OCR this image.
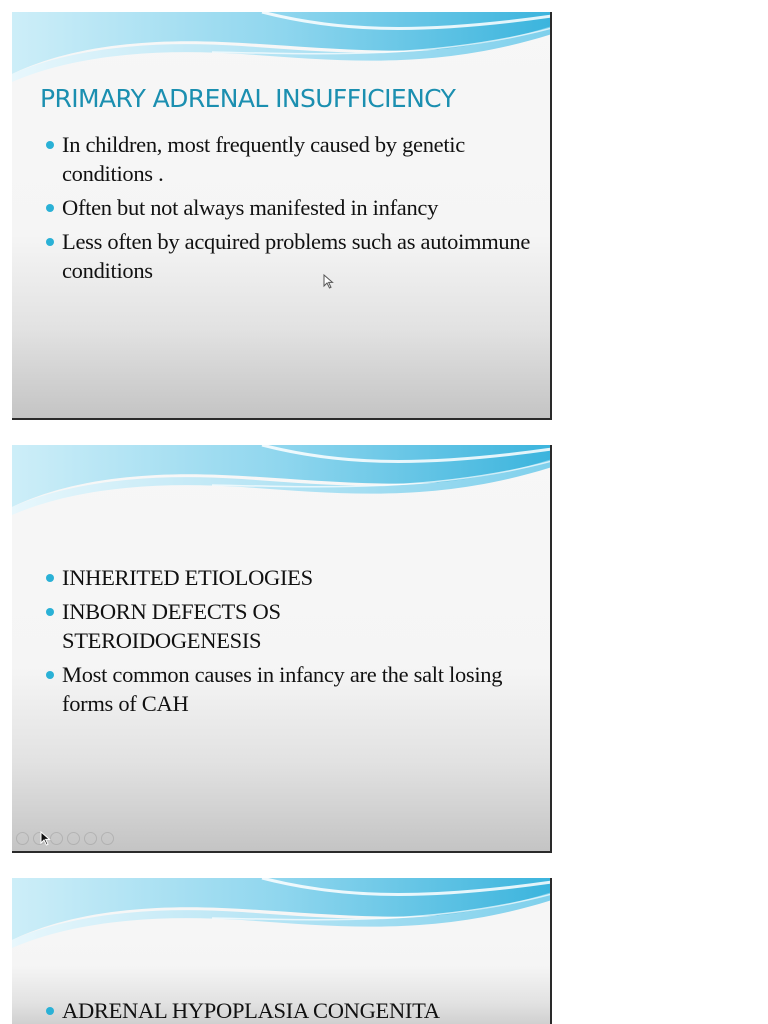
PRIMARY ADRENAL INSUFFICIENCY
In children, most frequently caused by genetic conditions .
Often but not always manifested in infancy
Less often by acquired problems such as autoimmune conditions
INHERITED ETIOLOGIES
INBORN DEFECTS OS STEROIDOGENESIS
Most common causes in infancy are the salt losing forms of CAH
ADRENAL HYPOPLASIA CONGENITA
